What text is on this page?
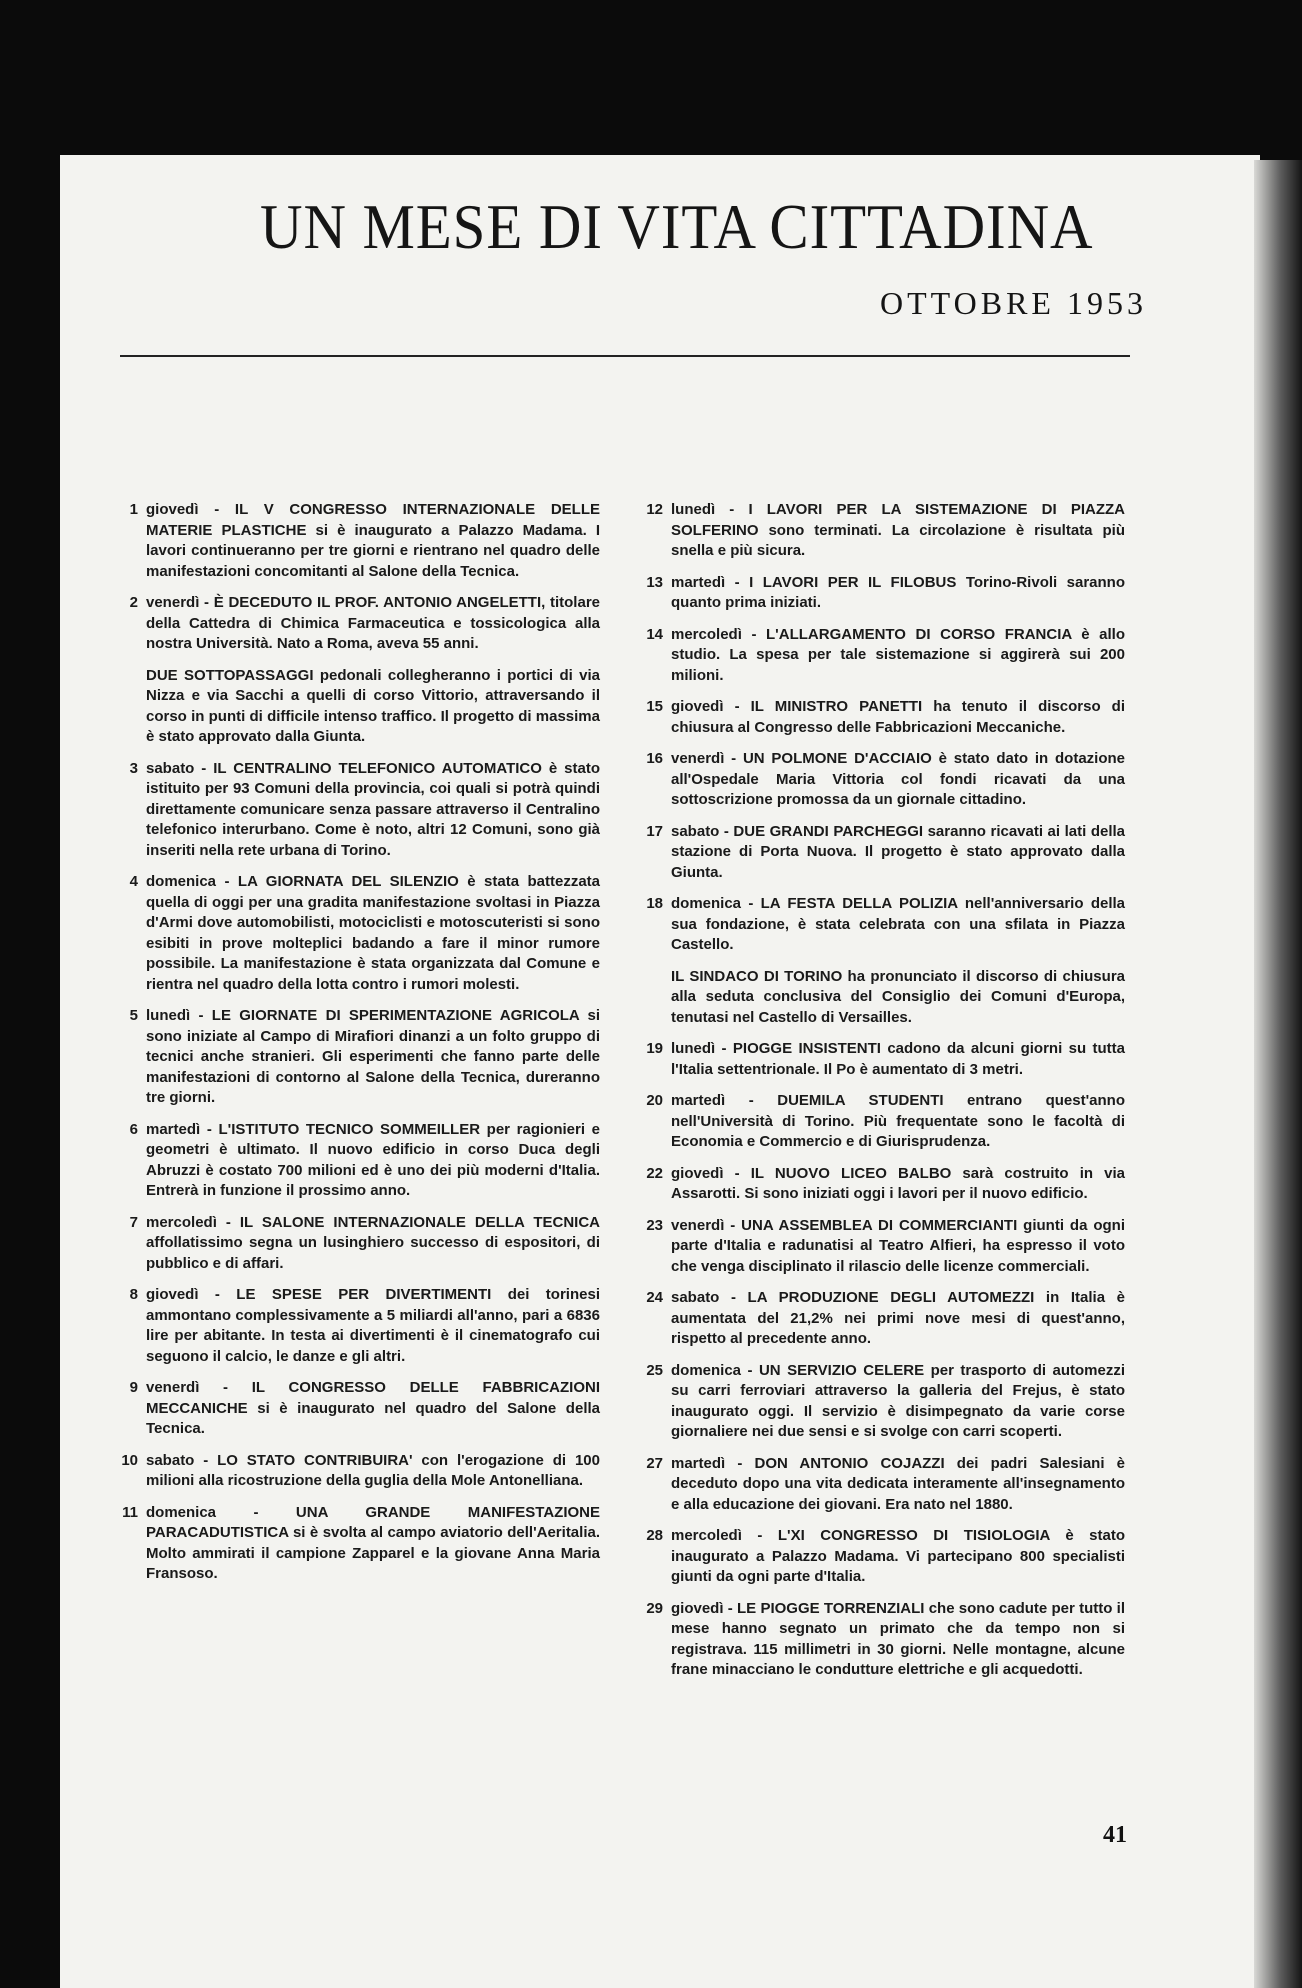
UN MESE DI VITA CITTADINA
OTTOBRE 1953
1 giovedì - IL V CONGRESSO INTERNAZIONALE DELLE MATERIE PLASTICHE si è inaugurato a Palazzo Madama. I lavori continueranno per tre giorni e rientrano nel quadro delle manifestazioni concomitanti al Salone della Tecnica.
2 venerdì - È DECEDUTO IL PROF. ANTONIO ANGELETTI, titolare della Cattedra di Chimica Farmaceutica e tossicologica alla nostra Università. Nato a Roma, aveva 55 anni.
DUE SOTTOPASSAGGI pedonali collegheranno i portici di via Nizza e via Sacchi a quelli di corso Vittorio, attraversando il corso in punti di difficile intenso traffico. Il progetto di massima è stato approvato dalla Giunta.
3 sabato - IL CENTRALINO TELEFONICO AUTOMATICO è stato istituito per 93 Comuni della provincia, coi quali si potrà quindi direttamente comunicare senza passare attraverso il Centralino telefonico interurbano. Come è noto, altri 12 Comuni, sono già inseriti nella rete urbana di Torino.
4 domenica - LA GIORNATA DEL SILENZIO è stata battezzata quella di oggi per una gradita manifestazione svoltasi in Piazza d'Armi dove automobilisti, motociclisti e motoscuteristi si sono esibiti in prove molteplici badando a fare il minor rumore possibile. La manifestazione è stata organizzata dal Comune e rientra nel quadro della lotta contro i rumori molesti.
5 lunedì - LE GIORNATE DI SPERIMENTAZIONE AGRICOLA si sono iniziate al Campo di Mirafiori dinanzi a un folto gruppo di tecnici anche stranieri. Gli esperimenti che fanno parte delle manifestazioni di contorno al Salone della Tecnica, dureranno tre giorni.
6 martedì - L'ISTITUTO TECNICO SOMMEILLER per ragionieri e geometri è ultimato. Il nuovo edificio in corso Duca degli Abruzzi è costato 700 milioni ed è uno dei più moderni d'Italia. Entrerà in funzione il prossimo anno.
7 mercoledì - IL SALONE INTERNAZIONALE DELLA TECNICA affollatissimo segna un lusinghiero successo di espositori, di pubblico e di affari.
8 giovedì - LE SPESE PER DIVERTIMENTI dei torinesi ammontano complessivamente a 5 miliardi all'anno, pari a 6836 lire per abitante. In testa ai divertimenti è il cinematografo cui seguono il calcio, le danze e gli altri.
9 venerdì - IL CONGRESSO DELLE FABBRICAZIONI MECCANICHE si è inaugurato nel quadro del Salone della Tecnica.
10 sabato - LO STATO CONTRIBUIRA' con l'erogazione di 100 milioni alla ricostruzione della guglia della Mole Antonelliana.
11 domenica - UNA GRANDE MANIFESTAZIONE PARACADUTISTICA si è svolta al campo aviatorio dell'Aeritalia. Molto ammirati il campione Zapparel e la giovane Anna Maria Fransoso.
12 lunedì - I LAVORI PER LA SISTEMAZIONE DI PIAZZA SOLFERINO sono terminati. La circolazione è risultata più snella e più sicura.
13 martedì - I LAVORI PER IL FILOBUS Torino-Rivoli saranno quanto prima iniziati.
14 mercoledì - L'ALLARGAMENTO DI CORSO FRANCIA è allo studio. La spesa per tale sistemazione si aggirerà sui 200 milioni.
15 giovedì - IL MINISTRO PANETTI ha tenuto il discorso di chiusura al Congresso delle Fabbricazioni Meccaniche.
16 venerdì - UN POLMONE D'ACCIAIO è stato dato in dotazione all'Ospedale Maria Vittoria col fondi ricavati da una sottoscrizione promossa da un giornale cittadino.
17 sabato - DUE GRANDI PARCHEGGI saranno ricavati ai lati della stazione di Porta Nuova. Il progetto è stato approvato dalla Giunta.
18 domenica - LA FESTA DELLA POLIZIA nell'anniversario della sua fondazione, è stata celebrata con una sfilata in Piazza Castello.
IL SINDACO DI TORINO ha pronunciato il discorso di chiusura alla seduta conclusiva del Consiglio dei Comuni d'Europa, tenutasi nel Castello di Versailles.
19 lunedì - PIOGGE INSISTENTI cadono da alcuni giorni su tutta l'Italia settentrionale. Il Po è aumentato di 3 metri.
20 martedì - DUEMILA STUDENTI entrano quest'anno nell'Università di Torino. Più frequentate sono le facoltà di Economia e Commercio e di Giurisprudenza.
22 giovedì - IL NUOVO LICEO BALBO sarà costruito in via Assarotti. Si sono iniziati oggi i lavori per il nuovo edificio.
23 venerdì - UNA ASSEMBLEA DI COMMERCIANTI giunti da ogni parte d'Italia e radunatisi al Teatro Alfieri, ha espresso il voto che venga disciplinato il rilascio delle licenze commerciali.
24 sabato - LA PRODUZIONE DEGLI AUTOMEZZI in Italia è aumentata del 21,2% nei primi nove mesi di quest'anno, rispetto al precedente anno.
25 domenica - UN SERVIZIO CELERE per trasporto di automezzi su carri ferroviari attraverso la galleria del Frejus, è stato inaugurato oggi. Il servizio è disimpegnato da varie corse giornaliere nei due sensi e si svolge con carri scoperti.
27 martedì - DON ANTONIO COJAZZI dei padri Salesiani è deceduto dopo una vita dedicata interamente all'insegnamento e alla educazione dei giovani. Era nato nel 1880.
28 mercoledì - L'XI CONGRESSO DI TISIOLOGIA è stato inaugurato a Palazzo Madama. Vi partecipano 800 specialisti giunti da ogni parte d'Italia.
29 giovedì - LE PIOGGE TORRENZIALI che sono cadute per tutto il mese hanno segnato un primato che da tempo non si registrava. 115 millimetri in 30 giorni. Nelle montagne, alcune frane minacciano le condutture elettriche e gli acquedotti.
41
